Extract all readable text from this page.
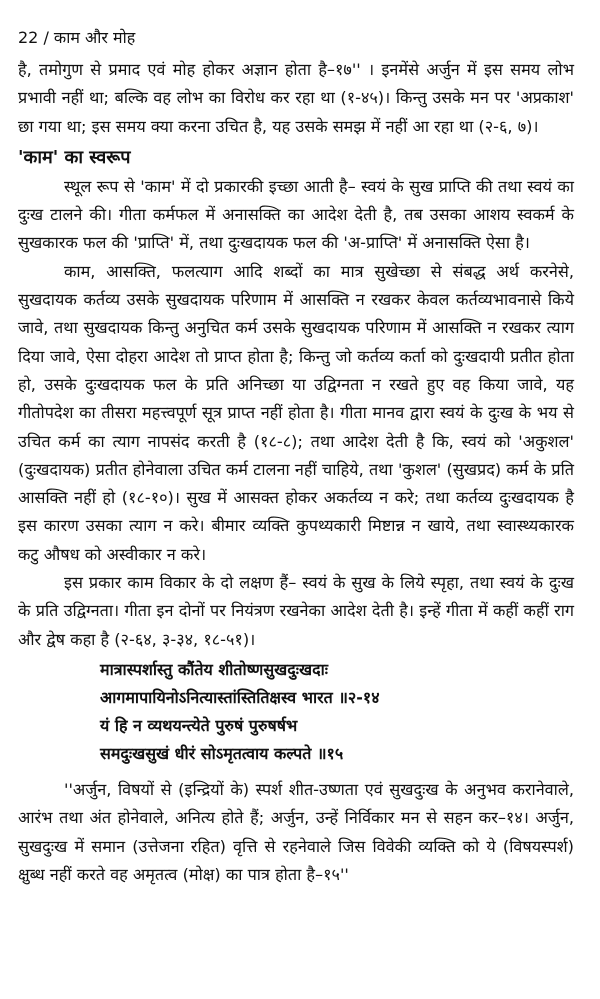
22 / काम और मोह

है, तमोगुण से प्रमाद एवं मोह होकर अज्ञान होता है–१७'' । इनमेंसे अर्जुन में इस समय लोभ प्रभावी नहीं था; बल्कि वह लोभ का विरोध कर रहा था (१-४५)। किन्तु उसके मन पर 'अप्रकाश' छा गया था; इस समय क्या करना उचित है, यह उसके समझ में नहीं आ रहा था (२-६, ७)।

'काम' का स्वरूप

स्थूल रूप से 'काम' में दो प्रकारकी इच्छा आती है– स्वयं के सुख प्राप्ति की तथा स्वयं का दुःख टालने की। गीता कर्मफल में अनासक्ति का आदेश देती है, तब उसका आशय स्वकर्म के सुखकारक फल की 'प्राप्ति' में, तथा दुःखदायक फल की 'अ-प्राप्ति' में अनासक्ति ऐसा है।

काम, आसक्ति, फलत्याग आदि शब्दों का मात्र सुखेच्छा से संबद्ध अर्थ करनेसे, सुखदायक कर्तव्य उसके सुखदायक परिणाम में आसक्ति न रखकर केवल कर्तव्यभावनासे किये जावे, तथा सुखदायक किन्तु अनुचित कर्म उसके सुखदायक परिणाम में आसक्ति न रखकर त्याग दिया जावे, ऐसा दोहरा आदेश तो प्राप्त होता है; किन्तु जो कर्तव्य कर्ता को दुःखदायी प्रतीत होता हो, उसके दुःखदायक फल के प्रति अनिच्छा या उद्विग्नता न रखते हुए वह किया जावे, यह गीतोपदेश का तीसरा महत्त्वपूर्ण सूत्र प्राप्त नहीं होता है। गीता मानव द्वारा स्वयं के दुःख के भय से उचित कर्म का त्याग नापसंद करती है (१८-८); तथा आदेश देती है कि, स्वयं को 'अकुशल' (दुःखदायक) प्रतीत होनेवाला उचित कर्म टालना नहीं चाहिये, तथा 'कुशल' (सुखप्रद) कर्म के प्रति आसक्ति नहीं हो (१८-१०)। सुख में आसक्त होकर अकर्तव्य न करे; तथा कर्तव्य दुःखदायक है इस कारण उसका त्याग न करे। बीमार व्यक्ति कुपथ्यकारी मिष्टान्न न खाये, तथा स्वास्थ्यकारक कटु औषध को अस्वीकार न करे।

इस प्रकार काम विकार के दो लक्षण हैं– स्वयं के सुख के लिये स्पृहा, तथा स्वयं के दुःख के प्रति उद्विग्नता। गीता इन दोनों पर नियंत्रण रखनेका आदेश देती है। इन्हें गीता में कहीं कहीं राग और द्वेष कहा है (२-६४, ३-३४, १८-५१)।

मात्रास्पर्शास्तु कौंतेय शीतोष्णसुखदुःखदाः
आगमापायिनोऽनित्यास्तांस्तितिक्षस्व भारत ॥२-१४
यं हि न व्यथयन्त्येते पुरुषं पुरुषर्षभ
समदुःखसुखं धीरं सोऽमृतत्वाय कल्पते ॥१५

''अर्जुन, विषयों से (इन्द्रियों के) स्पर्श शीत-उष्णता एवं सुखदुःख के अनुभव करानेवाले, आरंभ तथा अंत होनेवाले, अनित्य होते हैं; अर्जुन, उन्हें निर्विकार मन से सहन कर–१४। अर्जुन, सुखदुःख में समान (उत्तेजना रहित) वृत्ति से रहनेवाले जिस विवेकी व्यक्ति को ये (विषयस्पर्श) क्षुब्ध नहीं करते वह अमृतत्व (मोक्ष) का पात्र होता है–१५''
